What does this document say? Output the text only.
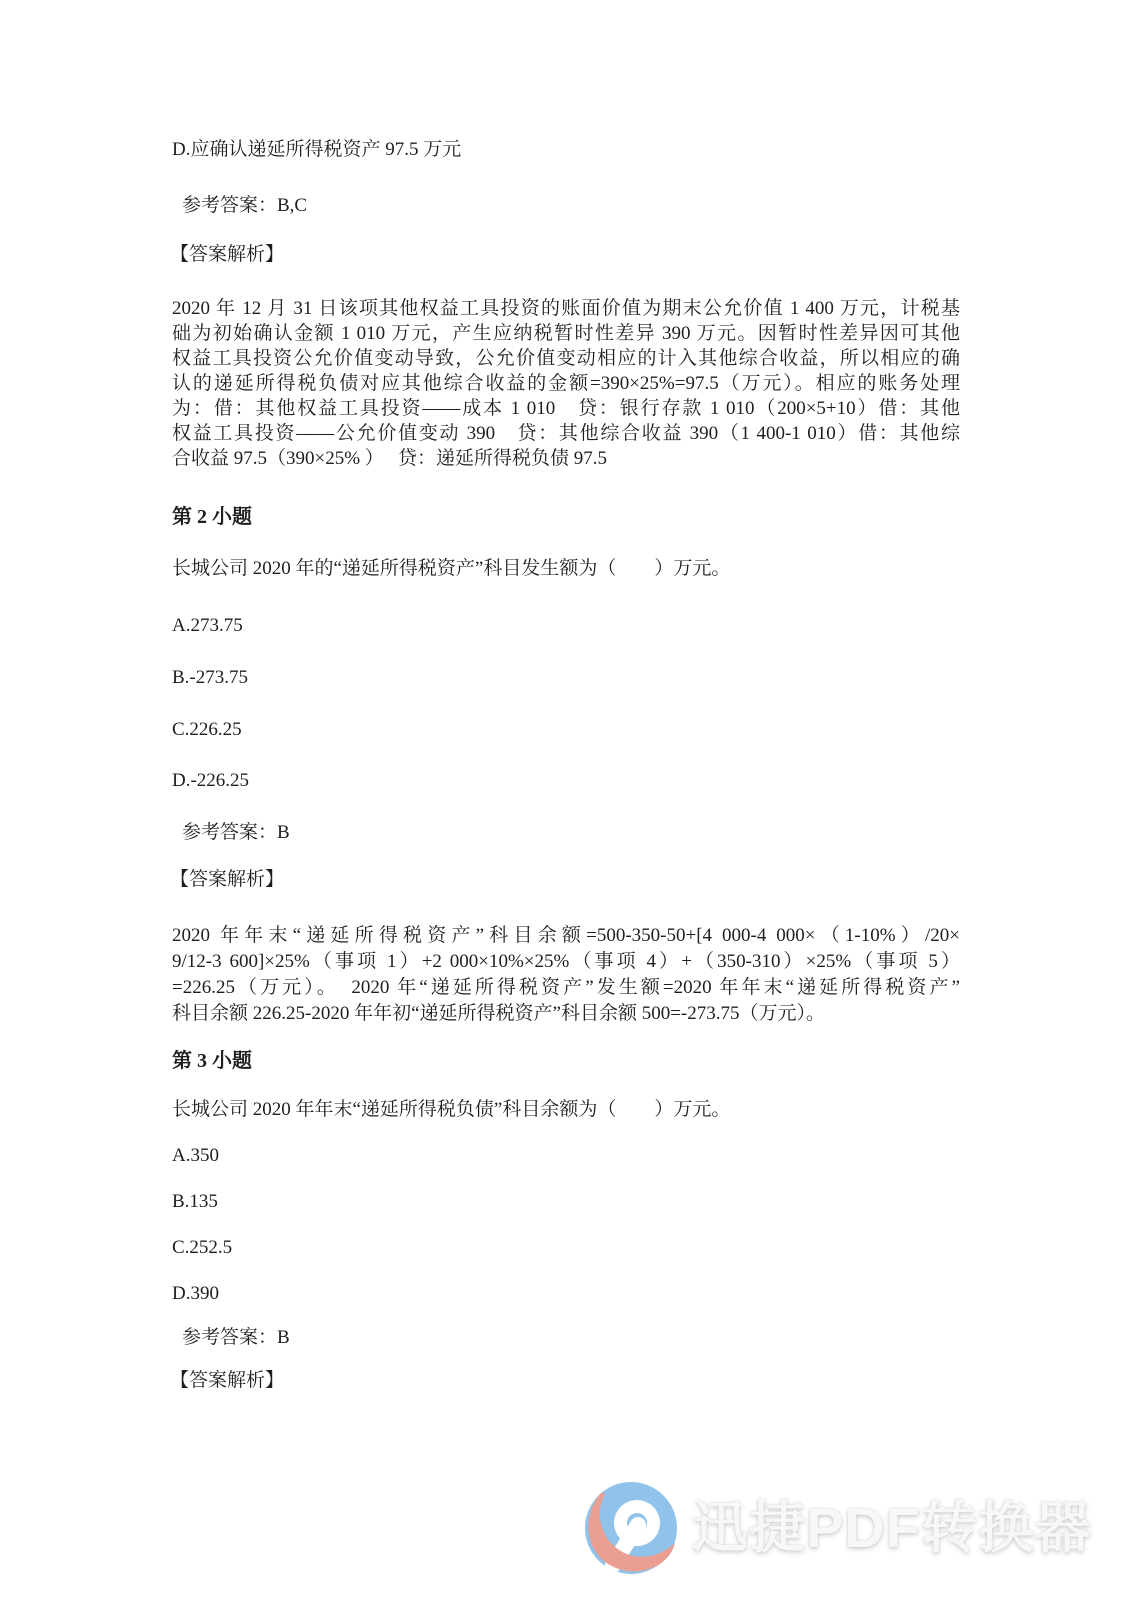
D.应确认递延所得税资产 97.5 万元
参考答案：B,C
【答案解析】
2020 年 12 月 31 日该项其他权益工具投资的账面价值为期末公允价值 1 400 万元，计税基
础为初始确认金额 1 010 万元，产生应纳税暂时性差异 390 万元。因暂时性差异因可其他
权益工具投资公允价值变动导致，公允价值变动相应的计入其他综合收益，所以相应的确
认的递延所得税负债对应其他综合收益的金额=390×25%=97.5（万元）。相应的账务处理
为：借：其他权益工具投资——成本 1 010　贷：银行存款 1 010（200×5+10）借：其他
权益工具投资——公允价值变动 390　贷：其他综合收益 390（1 400-1 010）借：其他综
合收益 97.5（390×25% ）　 贷：递延所得税负债 97.5
第 2 小题
长城公司 2020 年的“递延所得税资产”科目发生额为（　　）万元。
A.273.75
B.-273.75
C.226.25
D.-226.25
参考答案：B
【答案解析】
2020 年年末“递延所得税资产”科目余额=500-350-50+[4 000-4 000×（1-10%）/20×
9/12-3 600]×25%（事项 1）+2 000×10%×25%（事项 4）+（350-310）×25%（事项 5）
=226.25（万元）。　2020 年“递延所得税资产”发生额=2020 年年末“递延所得税资产”
科目余额 226.25-2020 年年初“递延所得税资产”科目余额 500=-273.75（万元）。
第 3 小题
长城公司 2020 年年末“递延所得税负债”科目余额为（　　）万元。
A.350
B.135
C.252.5
D.390
参考答案：B
【答案解析】
迅捷PDF转换器
